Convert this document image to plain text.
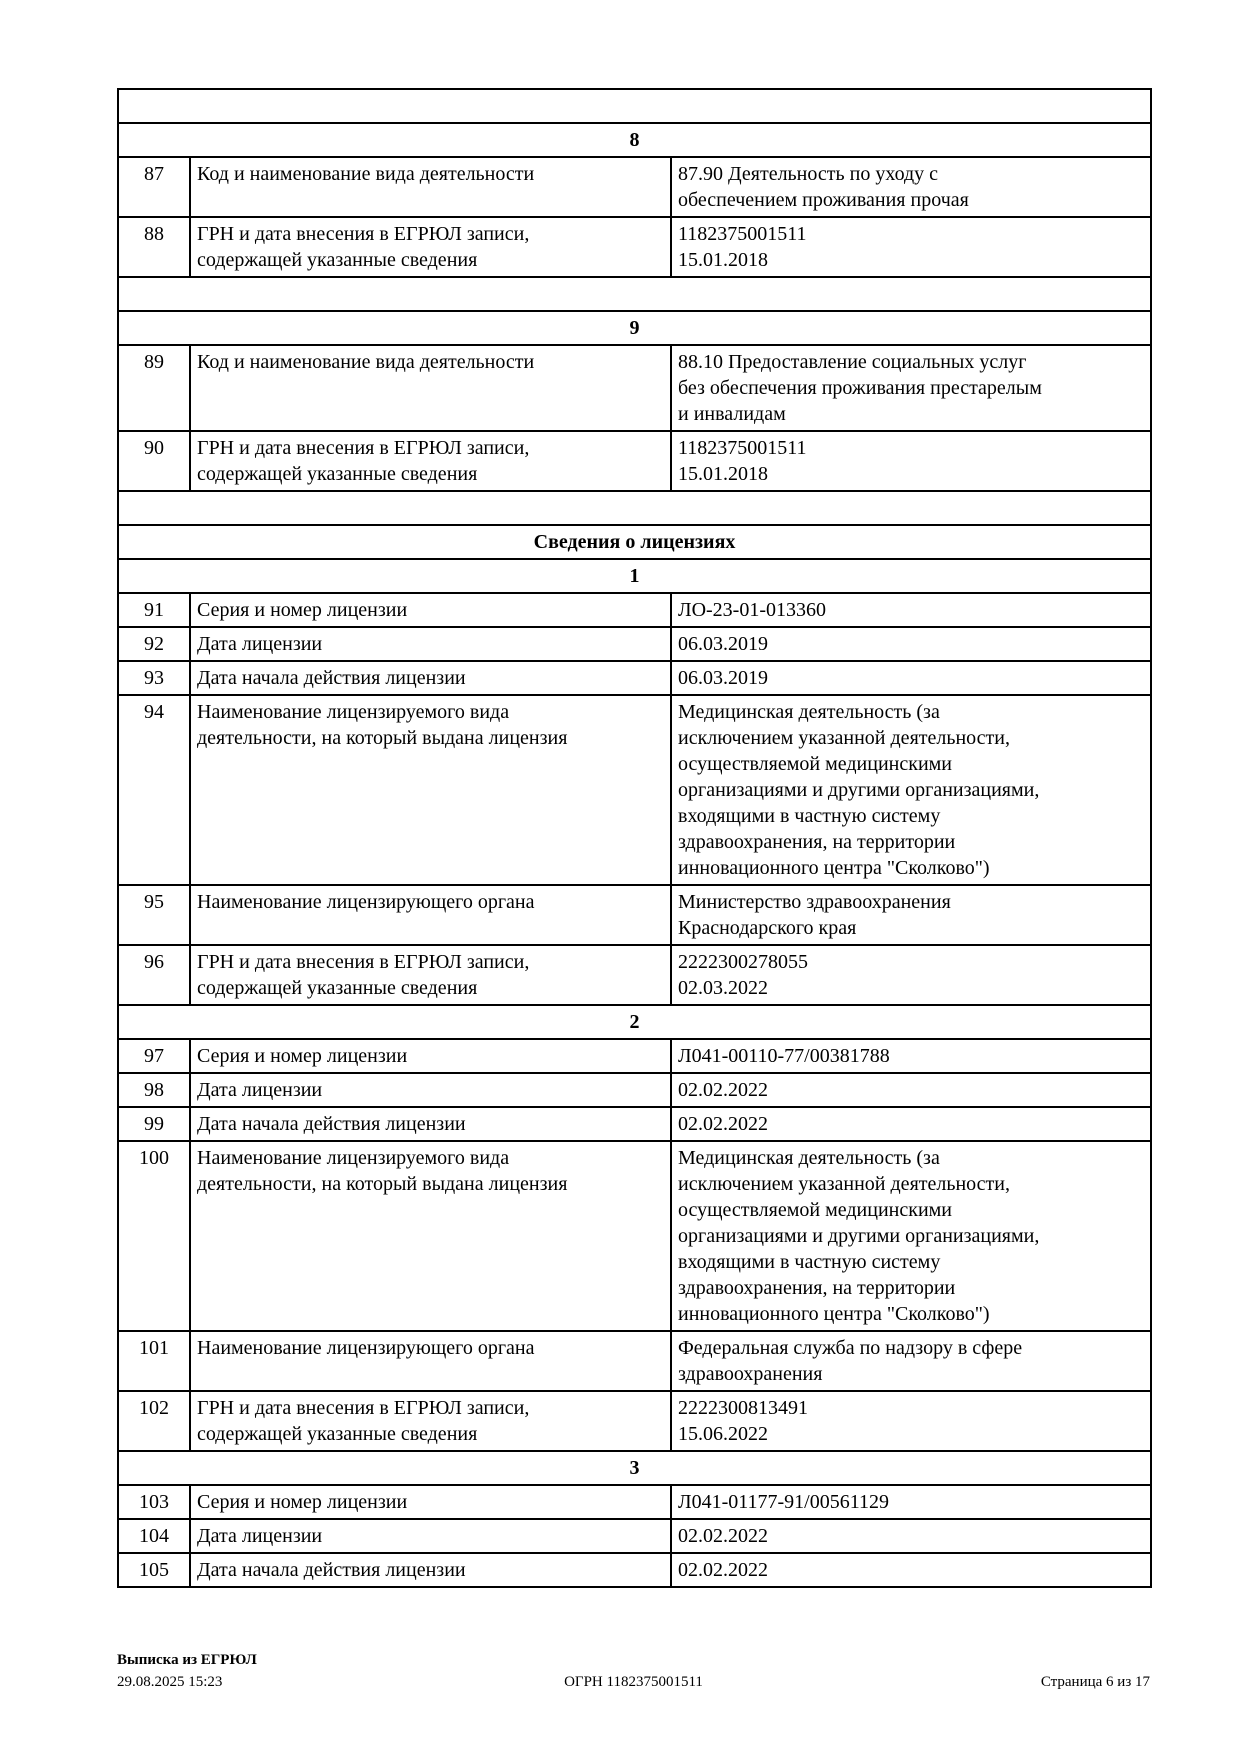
8		
87	Код и наименование вида деятельности	87.90 Деятельность по уходу с
обеспечением проживания прочая
88	ГРН и дата внесения в ЕГРЮЛ записи,
содержащей указанные сведения	1182375001511
15.01.2018

9		
89	Код и наименование вида деятельности	88.10 Предоставление социальных услуг
без обеспечения проживания престарелым
и инвалидам
90	ГРН и дата внесения в ЕГРЮЛ записи,
содержащей указанные сведения	1182375001511
15.01.2018

Сведения о лицензиях		
1		
91	Серия и номер лицензии	ЛО-23-01-013360
92	Дата лицензии	06.03.2019
93	Дата начала действия лицензии	06.03.2019
94	Наименование лицензируемого вида
деятельности, на который выдана лицензия	Медицинская деятельность (за
исключением указанной деятельности,
осуществляемой медицинскими
организациями и другими организациями,
входящими в частную систему
здравоохранения, на территории
инновационного центра "Сколково")
95	Наименование лицензирующего органа	Министерство здравоохранения
Краснодарского края
96	ГРН и дата внесения в ЕГРЮЛ записи,
содержащей указанные сведения	2222300278055
02.03.2022
2		
97	Серия и номер лицензии	Л041-00110-77/00381788
98	Дата лицензии	02.02.2022
99	Дата начала действия лицензии	02.02.2022
100	Наименование лицензируемого вида
деятельности, на который выдана лицензия	Медицинская деятельность (за
исключением указанной деятельности,
осуществляемой медицинскими
организациями и другими организациями,
входящими в частную систему
здравоохранения, на территории
инновационного центра "Сколково")
101	Наименование лицензирующего органа	Федеральная служба по надзору в сфере
здравоохранения
102	ГРН и дата внесения в ЕГРЮЛ записи,
содержащей указанные сведения	2222300813491
15.06.2022
3		
103	Серия и номер лицензии	Л041-01177-91/00561129
104	Дата лицензии	02.02.2022
105	Дата начала действия лицензии	02.02.2022
Выписка из ЕГРЮЛ
29.08.2025 15:23	ОГРН 1182375001511	Страница 6 из 17
